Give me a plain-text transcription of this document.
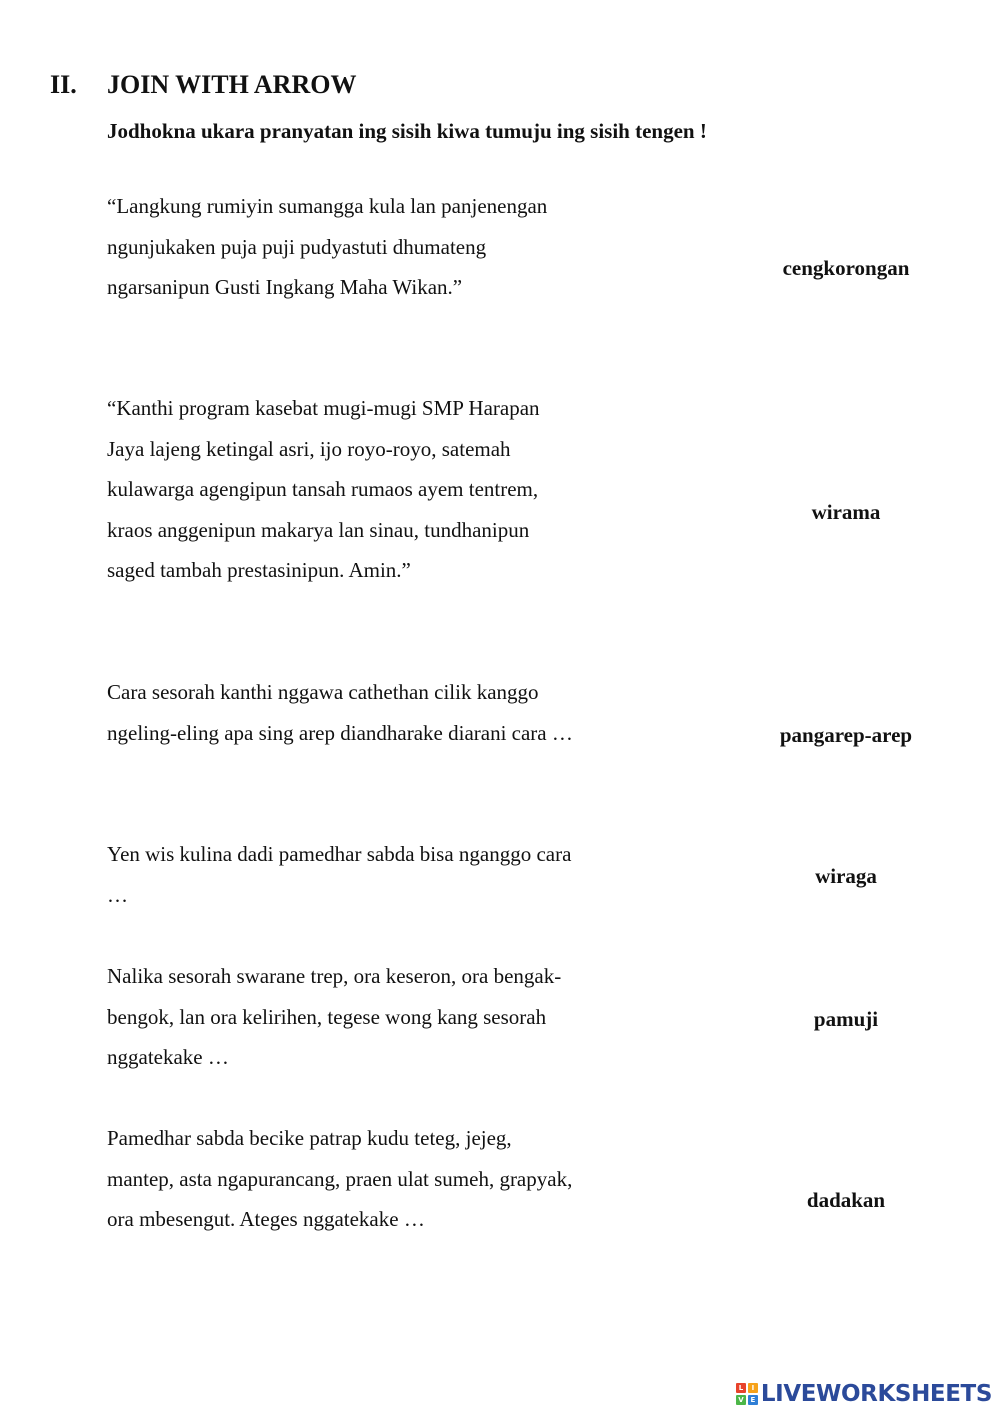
II. JOIN WITH ARROW
Jodhokna ukara pranyatan ing sisih kiwa tumuju ing sisih tengen !

“Langkung rumiyin sumangga kula lan panjenengan ngunjukaken puja puji pudyastuti dhumateng ngarsanipun Gusti Ingkang Maha Wikan.”

“Kanthi program kasebat mugi-mugi SMP Harapan Jaya lajeng ketingal asri, ijo royo-royo, satemah kulawarga agengipun tansah rumaos ayem tentrem, kraos anggenipun makarya lan sinau, tundhanipun saged tambah prestasinipun. Amin.”

Cara sesorah kanthi nggawa cathethan cilik kanggo ngeling-eling apa sing arep diandharake diarani cara …

Yen wis kulina dadi pamedhar sabda bisa nganggo cara …

Nalika sesorah swarane trep, ora keseron, ora bengak-bengok, lan ora kelirihen, tegese wong kang sesorah nggatekake …

Pamedhar sabda becike patrap kudu teteg, jejeg, mantep, asta ngapurancang, praen ulat sumeh, grapyak, ora mbesengut. Ateges nggatekake …

cengkorongan
wirama
pangarep-arep
wiraga
pamuji
dadakan
L	I
V E LIVEWORKSHEETS
